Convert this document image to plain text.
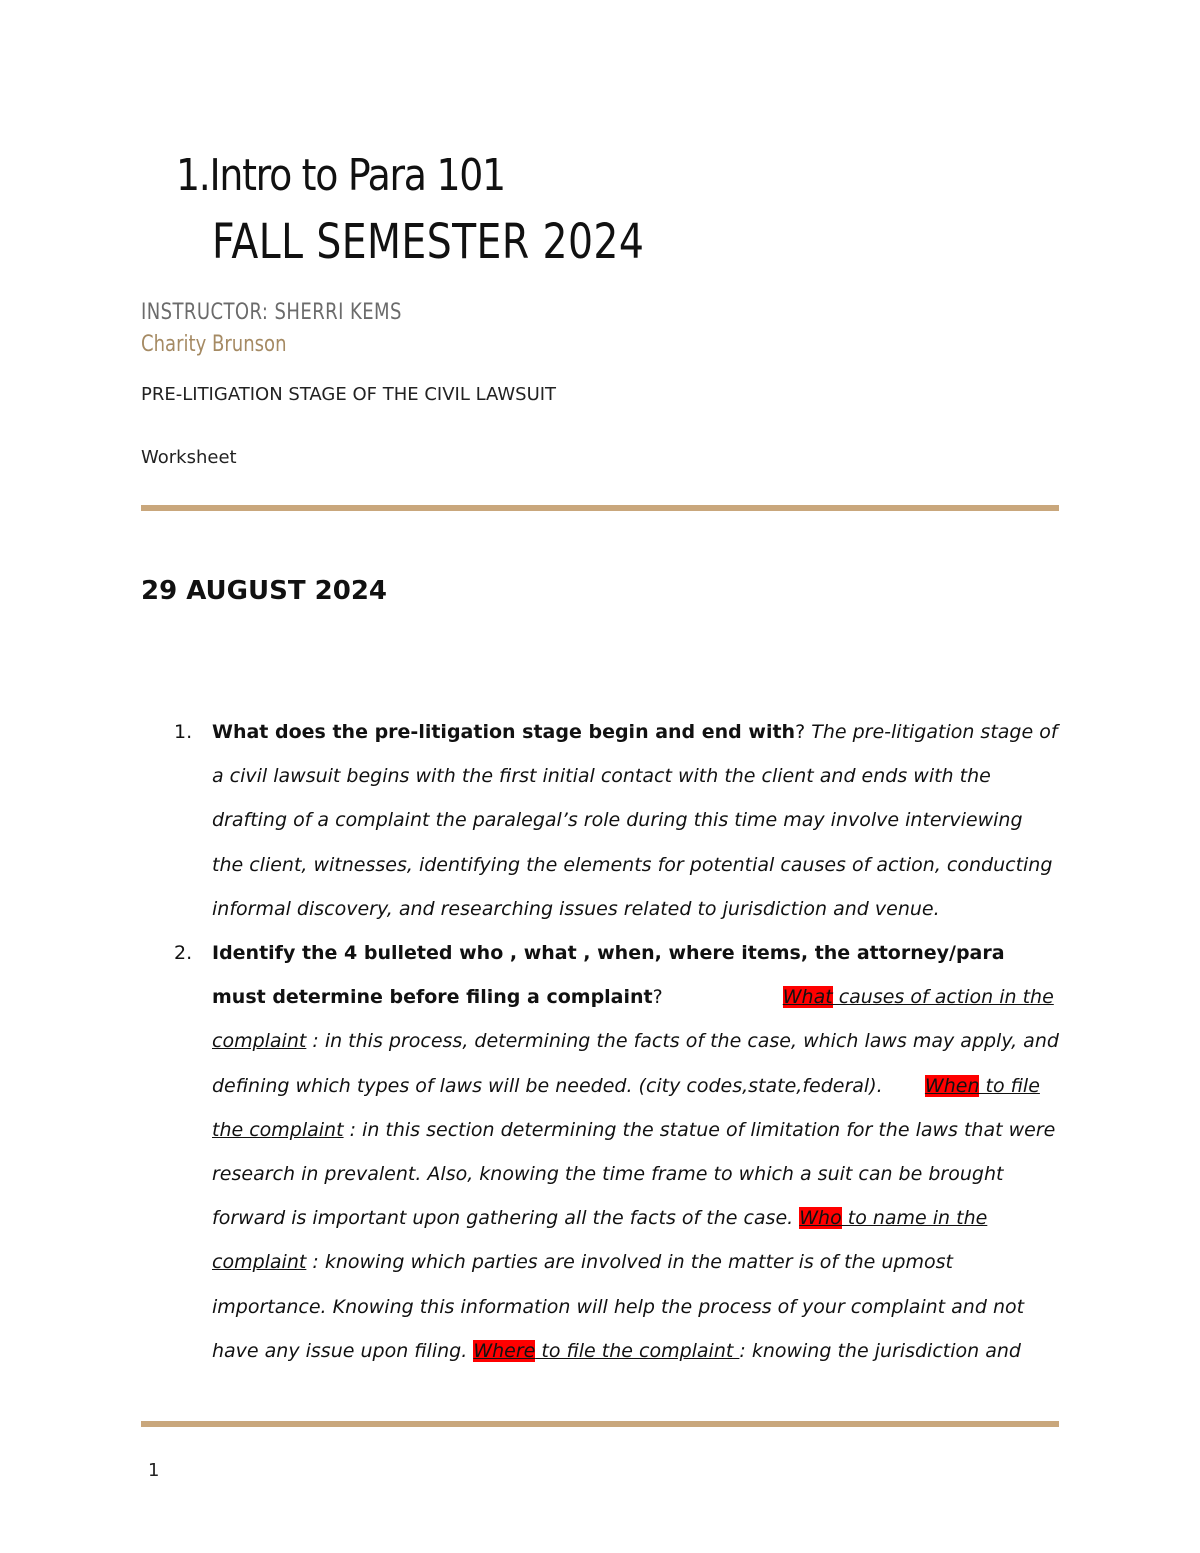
1.Intro to Para 101
FALL SEMESTER 2024
INSTRUCTOR: SHERRI KEMS
Charity Brunson
PRE-LITIGATION STAGE OF THE CIVIL LAWSUIT
Worksheet
29 AUGUST 2024
1. What does the pre-litigation stage begin and end with? The pre-litigation stage of a civil lawsuit begins with the first initial contact with the client and ends with the drafting of a complaint the paralegal’s role during this time may involve interviewing the client, witnesses, identifying the elements for potential causes of action, conducting informal discovery, and researching issues related to jurisdiction and venue.
2. Identify the 4 bulleted who , what , when, where items, the attorney/para must determine before filing a complaint?	What causes of action in the complaint : in this process, determining the facts of the case, which laws may apply, and defining which types of laws will be needed. (city codes,state,federal). When to file the complaint : in this section determining the statue of limitation for the laws that were research in prevalent. Also, knowing the time frame to which a suit can be brought forward is important upon gathering all the facts of the case. Who to name in the complaint : knowing which parties are involved in the matter is of the upmost importance. Knowing this information will help the process of your complaint and not have any issue upon filing. Where to file the complaint : knowing the jurisdiction and
1
